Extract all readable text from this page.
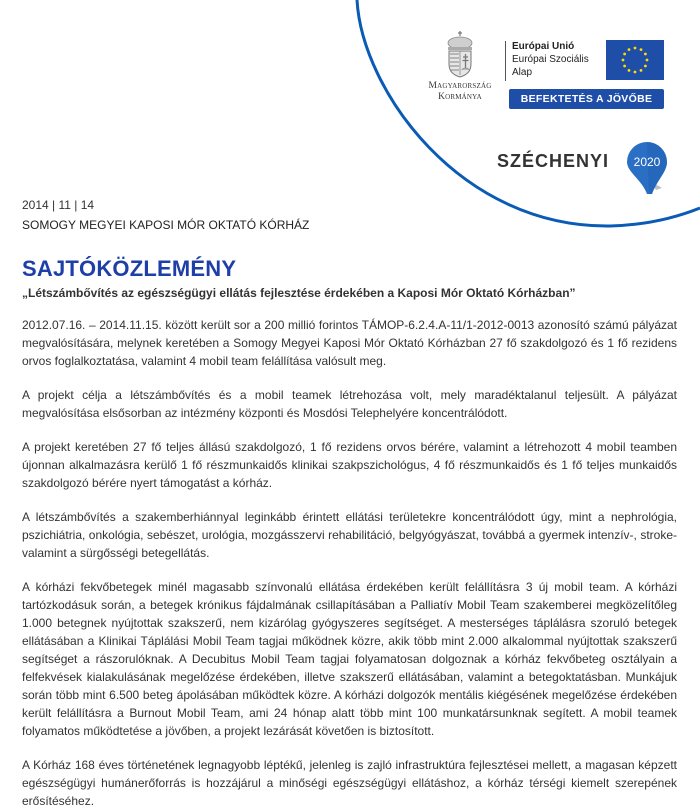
Magyarország
Kormánya
Európai Unió
Európai Szociális
Alap
BEFEKTETÉS A JÖVŐBE
SZÉCHENYI 2020

2014 | 11 | 14

SOMOGY MEGYEI KAPOSI MÓR OKTATÓ KÓRHÁZ

SAJTÓKÖZLEMÉNY

„Létszámbővítés az egészségügyi ellátás fejlesztése érdekében a Kaposi Mór Oktató Kórházban”

2012.07.16. – 2014.11.15. között került sor a 200 millió forintos TÁMOP-6.2.4.A-11/1-2012-0013 azonosító számú pályázat megvalósítására, melynek keretében a Somogy Megyei Kaposi Mór Oktató Kórházban 27 fő szakdolgozó és 1 fő rezidens orvos foglalkoztatása, valamint 4 mobil team felállítása valósult meg.

A projekt célja a létszámbővítés és a mobil teamek létrehozása volt, mely maradéktalanul teljesült. A pályázat megvalósítása elsősorban az intézmény központi és Mosdósi Telephelyére koncentrálódott.

A projekt keretében 27 fő teljes állású szakdolgozó, 1 fő rezidens orvos bérére, valamint a létrehozott 4 mobil teamben újonnan alkalmazásra kerülő 1 fő részmunkaidős klinikai szakpszichológus, 4 fő részmunkaidős és 1 fő teljes munkaidős szakdolgozó bérére nyert támogatást a kórház.

A létszámbővítés a szakemberhiánnyal leginkább érintett ellátási területekre koncentrálódott úgy, mint a nephrológia, pszichiátria, onkológia, sebészet, urológia, mozgásszervi rehabilitáció, belgyógyászat, továbbá a gyermek intenzív-, stroke- valamint a sürgősségi betegellátás.

A kórházi fekvőbetegek minél magasabb színvonalú ellátása érdekében került felállításra 3 új mobil team. A kórházi tartózkodásuk során, a betegek krónikus fájdalmának csillapításában a Palliatív Mobil Team szakemberei megközelítőleg 1.000 betegnek nyújtottak szakszerű, nem kizárólag gyógyszeres segítséget. A mesterséges táplálásra szoruló betegek ellátásában a Klinikai Táplálási Mobil Team tagjai működnek közre, akik több mint 2.000 alkalommal nyújtottak szakszerű segítséget a rászorulóknak. A Decubitus Mobil Team tagjai folyamatosan dolgoznak a kórház fekvőbeteg osztályain a felfekvések kialakulásának megelőzése érdekében, illetve szakszerű ellátásában, valamint a betegoktatásban. Munkájuk során több mint 6.500 beteg ápolásában működtek közre. A kórházi dolgozók mentális kiégésének megelőzése érdekében került felállításra a Burnout Mobil Team, ami 24 hónap alatt több mint 100 munkatársunknak segített. A mobil teamek folyamatos működtetése a jövőben, a projekt lezárását követően is biztosított.

A Kórház 168 éves történetének legnagyobb léptékű, jelenleg is zajló infrastruktúra fejlesztései mellett, a magasan képzett egészségügyi humánerőforrás is hozzájárul a minőségi egészségügyi ellátáshoz, a kórház térségi kiemelt szerepének erősítéséhez.
